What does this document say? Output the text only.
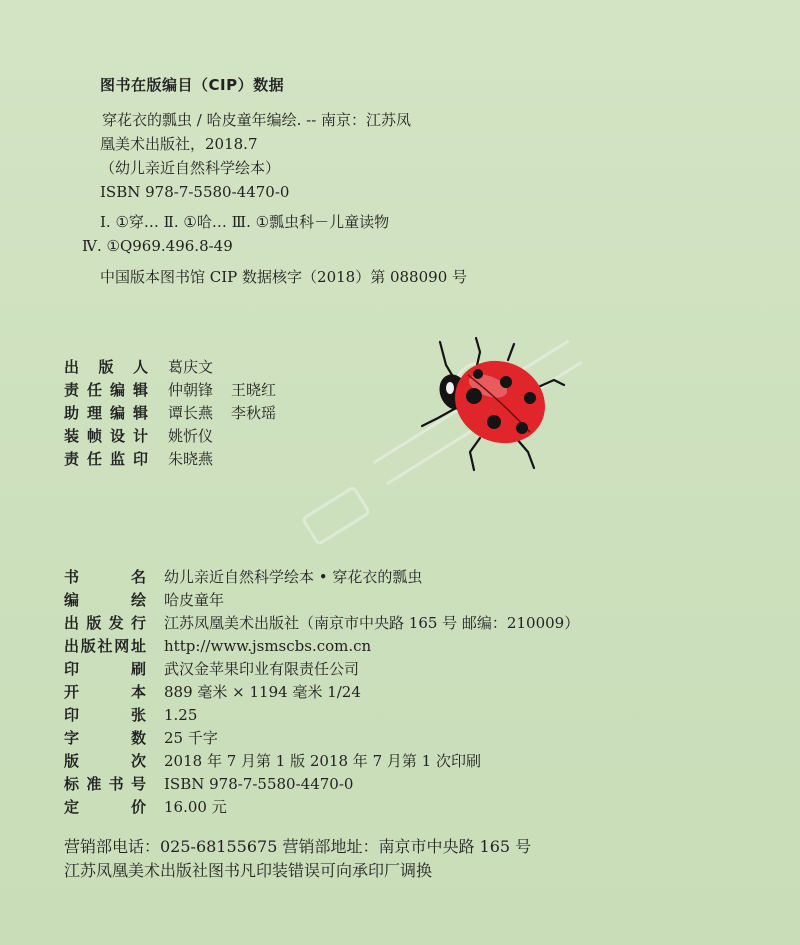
图书在版编目（CIP）数据
穿花衣的瓢虫 / 哈皮童年编绘. -- 南京：江苏凤
凰美术出版社，2018.7
（幼儿亲近自然科学绘本）
ISBN 978-7-5580-4470-0
Ⅰ. ①穿… Ⅱ. ①哈… Ⅲ. ①瓢虫科－儿童读物
Ⅳ. ①Q969.496.8-49
中国版本图书馆 CIP 数据核字（2018）第 088090 号
出版人 葛庆文
责任编辑 仲朝锋 王晓红
助理编辑 谭长燕 李秋瑶
装帧设计 姚忻仪
责任监印 朱晓燕
书名 幼儿亲近自然科学绘本 • 穿花衣的瓢虫
编绘 哈皮童年
出版发行 江苏凤凰美术出版社（南京市中央路 165 号 邮编：210009）
出版社网址 http://www.jsmscbs.com.cn
印刷 武汉金苹果印业有限责任公司
开本 889 毫米 × 1194 毫米 1/24
印张 1.25
字数 25 千字
版次 2018 年 7 月第 1 版 2018 年 7 月第 1 次印刷
标准书号 ISBN 978-7-5580-4470-0
定价 16.00 元
营销部电话：025-68155675 营销部地址：南京市中央路 165 号
江苏凤凰美术出版社图书凡印装错误可向承印厂调换
